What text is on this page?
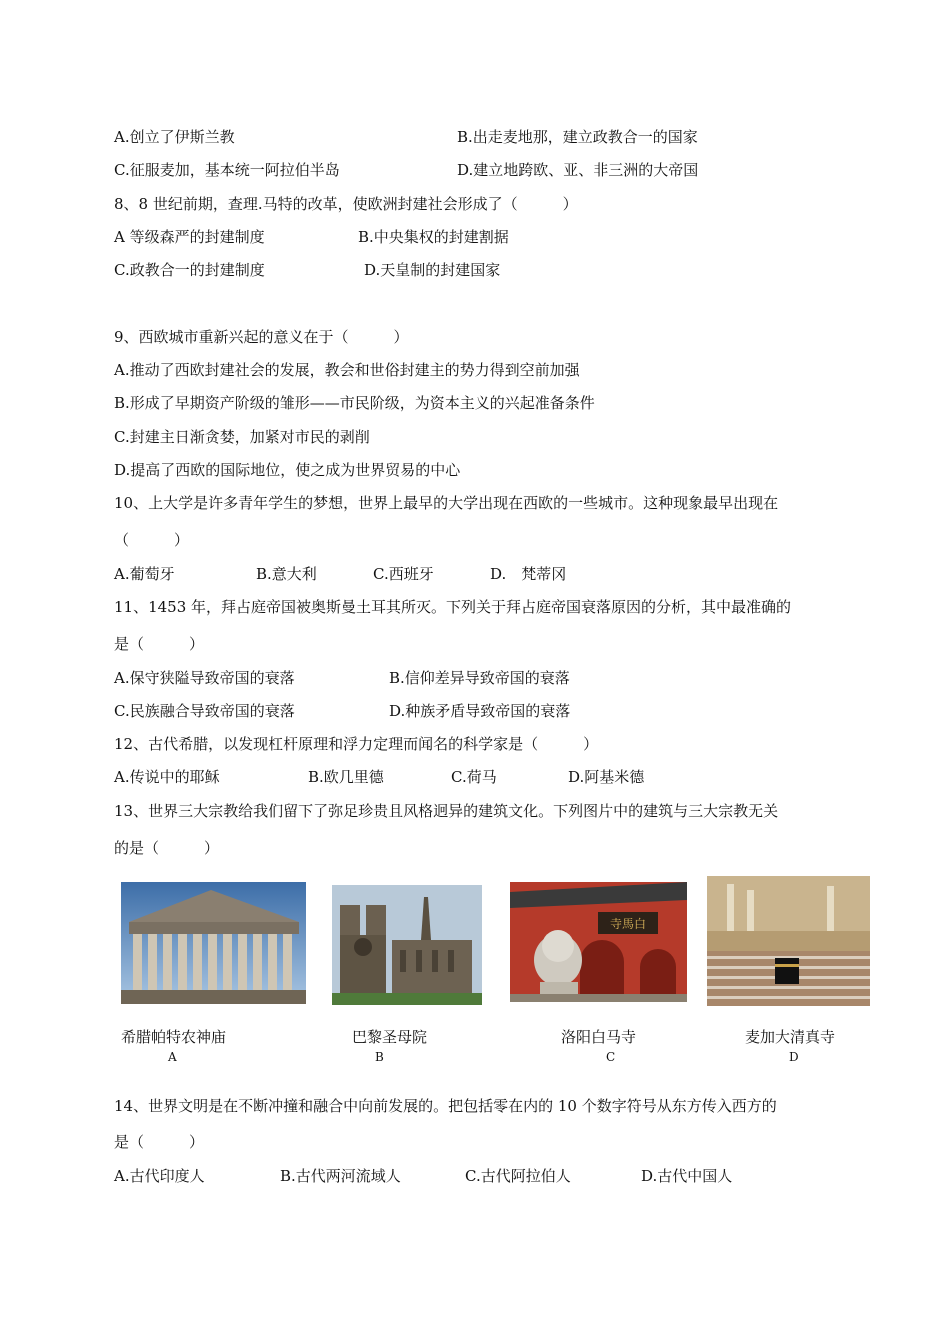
A.创立了伊斯兰教	B.出走麦地那，建立政教合一的国家
C.征服麦加，基本统一阿拉伯半岛	D.建立地跨欧、亚、非三洲的大帝国
8、8 世纪前期，查理.马特的改革，使欧洲封建社会形成了（　　　）
A 等级森严的封建制度	B.中央集权的封建割据
C.政教合一的封建制度	D.天皇制的封建国家
9、西欧城市重新兴起的意义在于（　　　）
A.推动了西欧封建社会的发展，教会和世俗封建主的势力得到空前加强
B.形成了早期资产阶级的雏形——市民阶级，为资本主义的兴起准备条件
C.封建主日渐贪婪，加紧对市民的剥削
D.提高了西欧的国际地位，使之成为世界贸易的中心
10、上大学是许多青年学生的梦想，世界上最早的大学出现在西欧的一些城市。这种现象最早出现在
（　　　）
A.葡萄牙	B.意大利	C.西班牙	D.　梵蒂冈
11、1453 年，拜占庭帝国被奥斯曼土耳其所灭。下列关于拜占庭帝国衰落原因的分析，其中最准确的
是（　　　）
A.保守狭隘导致帝国的衰落	B.信仰差异导致帝国的衰落
C.民族融合导致帝国的衰落	D.种族矛盾导致帝国的衰落
12、古代希腊，以发现杠杆原理和浮力定理而闻名的科学家是（　　　）
A.传说中的耶稣	B.欧几里德	C.荷马	D.阿基米德
13、世界三大宗教给我们留下了弥足珍贵且风格迥异的建筑文化。下列图片中的建筑与三大宗教无关
的是（　　　）
寺馬白
希腊帕特农神庙
A
巴黎圣母院
B
洛阳白马寺
C
麦加大清真寺
D
14、世界文明是在不断冲撞和融合中向前发展的。把包括零在内的 10 个数字符号从东方传入西方的
是（　　　）
A.古代印度人	B.古代两河流域人	C.古代阿拉伯人	D.古代中国人
